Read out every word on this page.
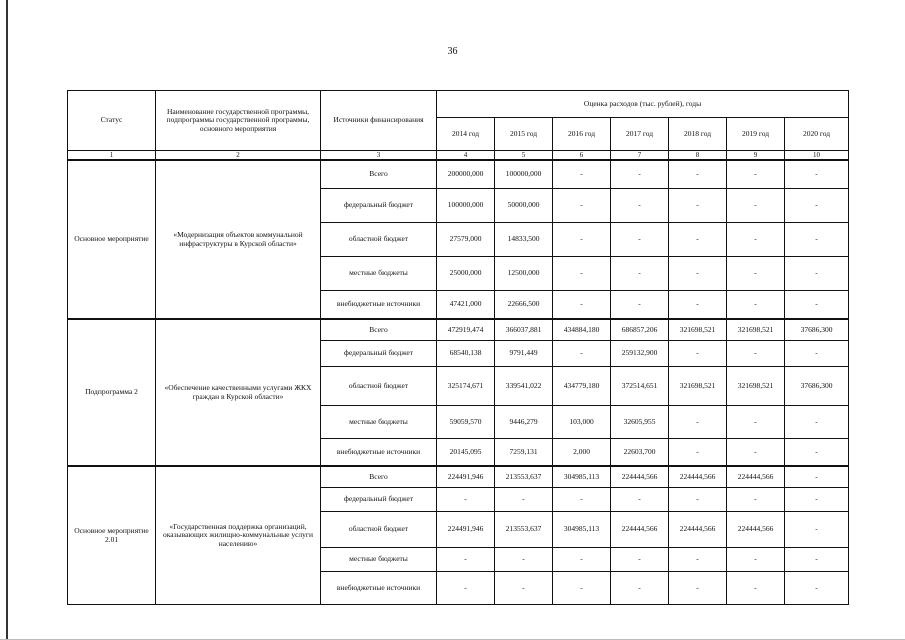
36
Статус	Наименование государственной программы, подпрограммы государственной программы, основного мероприятия	Источники финансирования	Оценка расходов (тыс. рублей), годы						
			2014 год	2015 год	2016 год	2017 год	2018 год	2019 год	2020 год
1	2	3	4	5	6	7	8	9	10
Основное мероприятие	«Модернизация объектов коммунальной инфраструктуры в Курской области»	Всего	200000,000	100000,000	-	-	-	-	-
		федеральный бюджет	100000,000	50000,000	-	-	-	-	-
		областной бюджет	27579,000	14833,500	-	-	-	-	-
		местные бюджеты	25000,000	12500,000	-	-	-	-	-
		внебюджетные источники	47421,000	22666,500	-	-	-	-	-
Подпрограмма 2	«Обеспечение качественными услугами ЖКХ граждан в Курской области»	Всего	472919,474	366037,881	434884,180	686857,206	321698,521	321698,521	37686,300
		федеральный бюджет	68540,138	9791,449	-	259132,900	-	-	-
		областной бюджет	325174,671	339541,022	434779,180	372514,651	321698,521	321698,521	37686,300
		местные бюджеты	59059,570	9446,279	103,000	32605,955	-	-	-
		внебюджетные источники	20145,095	7259,131	2,000	22603,700	-	-	-
Основное мероприятие 2.01	«Государственная поддержка организаций, оказывающих жилищно-коммунальные услуги населению»	Всего	224491,946	213553,637	304985,113	224444,566	224444,566	224444,566	-
		федеральный бюджет	-	-	-	-	-	-	-
		областной бюджет	224491,946	213553,637	304985,113	224444,566	224444,566	224444,566	-
		местные бюджеты	-	-	-	-	-	-	-
		внебюджетные источники	-	-	-	-	-	-	-
